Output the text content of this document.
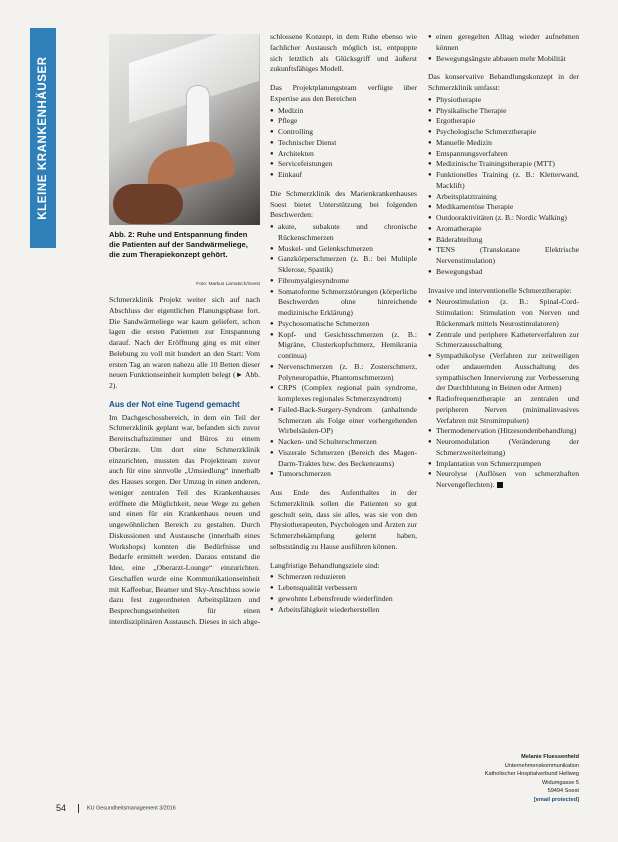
KLEINE KRANKENHÄUSER
Abb. 2: Ruhe und Entspannung finden die Patienten auf der Sandwärmeliege, die zum Therapiekonzept gehört.
Foto: Markus Lamatsch/Soest

Schmerzklinik Projekt weiter sich auf nach Abschluss der eigentlichen Planungsphase fort. Die Sandwärmeliege war kaum geliefert, schon lagen die ersten Patienten zur Entspannung darauf. Nach der Eröffnung ging es mit einer Belebung zu voll mit hundert an den Start: Vom ersten Tag an waren nahezu alle 10 Betten dieser neuen Funktionseinheit komplett belegt (► Abb. 2).

Aus der Not eine Tugend gemacht

Im Dachgeschossbereich, in dem ein Teil der Schmerzklinik geplant war, befanden sich zuvor Bereitschaftszimmer und Büros zu einem Oberärzte. Um dort eine Schmerzklinik einzurichten, mussten das Projektteam zuvor auch für eine sinnvolle „Umsiedlung“ innerhalb des Hauses sorgen. Der Umzug in einen anderen, weniger zentralen Teil des Krankenhauses eröffnete die Möglichkeit, neue Wege zu gehen und einen für ein Krankenhaus neuen und ungewöhnlichen Bereich zu gestalten. Durch Diskussionen und Austausche (innerhalb eines Workshops) konnten die Bedürfnisse und Bedarfe ermittelt werden. Daraus entstand die Idee, eine „Oberarzt-Lounge“ einzurichten. Geschaffen wurde eine Kommunikationseinheit mit Kaffeebar, Beamer und Sky-Anschluss sowie dazu fest zugeordneten Arbeitsplätzen und Besprechungseinheiten für einen interdisziplinären Austausch. Dieses in sich abge-

schlossene Konzept, in dem Ruhe ebenso wie fachlicher Austausch möglich ist, entpuppte sich letztlich als Glücksgriff und äußerst zukunftsfähiges Modell.

Das Projektplanungsteam verfügte über Expertise aus den Bereichen

● Medizin
● Pflege
● Controlling
● Technischer Dienst
● Architekten
● Servicefeistungen
● Einkauf

Die Schmerzklinik des Marienkrankenhauses Soest bietet Unterstützung bei folgenden Beschwerden:

● akute, subakute und chronische Rückenschmerzen
● Muskel- und Gelenkschmerzen
● Ganzkörperschmerzen (z. B.: bei Multiple Sklerose, Spastik)
● Fibromyalgiesyndrome
● Somatoforme Schmerzstörungen (körperliche Beschwerden ohne hinreichende medizinische Erklärung)
● Psychosomatische Schmerzen
● Kopf- und Gesichtsschmerzen (z. B.: Migräne, Clusterkopfschmerz, Hemikrania continua)
● Nervenschmerzen (z. B.: Zosterschmerz, Polyneuropathie, Phantomschmerzen)
● CRPS (Complex regional pain syndrome, komplexes regionales Schmerzsyndrom)
● Failed-Back-Surgery-Syndrom (anhaltende Schmerzen als Folge einer vorhergehenden Wirbelsäulen-OP)
● Nacken- und Schulterschmerzen
● Viszerale Schmerzen (Bereich des Magen-Darm-Traktes bzw. des Beckenraums)
● Tumorschmerzen

Aus Ende des Aufenthaltes in der Schmerzklinik sollen die Patienten so gut geschult sein, dass sie alles, was sie von den Physiotherapeuten, Psychologen und Ärzten zur Schmerzbekämpfung gelernt haben, selbstständig zu Hause ausführen können.

Langfristige Behandlungsziele sind:

● Schmerzen reduzieren
● Lebensqualität verbessern
● gewohnte Lebensfreude wiederfinden
● Arbeitsfähigkeit wiederherstellen
● einen geregelten Alltag wieder aufnehmen können
● Bewegungsängste abbauen mehr Mobilität

Das konservative Behandlungskonzept in der Schmerzklinik umfasst:

● Physiotherapie
● Physikalische Therapie
● Ergotherapie
● Psychologische Schmerztherapie
● Manuelle Medizin
● Entspannungsverfahren
● Medizinische Trainingstherapie (MTT)
● Funktionelles Training (z. B.: Kletterwand, Macklift)
● Arbeitsplatztraining
● Medikamentöse Therapie
● Outdooraktivitäten (z. B.: Nordic Walking)
● Aromatherapie
● Bäderabteilung
● TENS (Transkutane Elektrische Nervenstimulation)
● Bewegungsbad

Invasive und interventionelle Schmerztherapie:

● Neurostimulation (z. B.: Spinal-Cord-Stimulation: Stimulation von Nerven und Rückenmark mittels Neurostimulatoren)
● Zentrale und periphere Katheterverfahren zur Schmerzausschaltung
● Sympathikolyse (Verfahren zur zeitweiligen oder andauernden Ausschaltung des sympathischen Innervierung zur Verbesserung der Durchblutung in Beinen oder Armen)
● Radiofrequenztherapie an zentralen und peripheren Nerven (minimalinvasives Verfahren mit Stromimpulsen)
● Thermodenervation (Hitzesondenbehandlung)
● Neuromodulation (Veränderung der Schmerzweiterleitung)
● Implantation von Schmerzpumpen
● Neurolyse (Auflösen von schmerzhaften Nervengeflechten).
Melanie Fluessenheld
Unternehmenskommunikation
Katholischer Hospitalverbund Hellweg
Widumgasse 5
59494 Soest
[email protected]
54	KU Gesundheitsmanagement 3/2016
